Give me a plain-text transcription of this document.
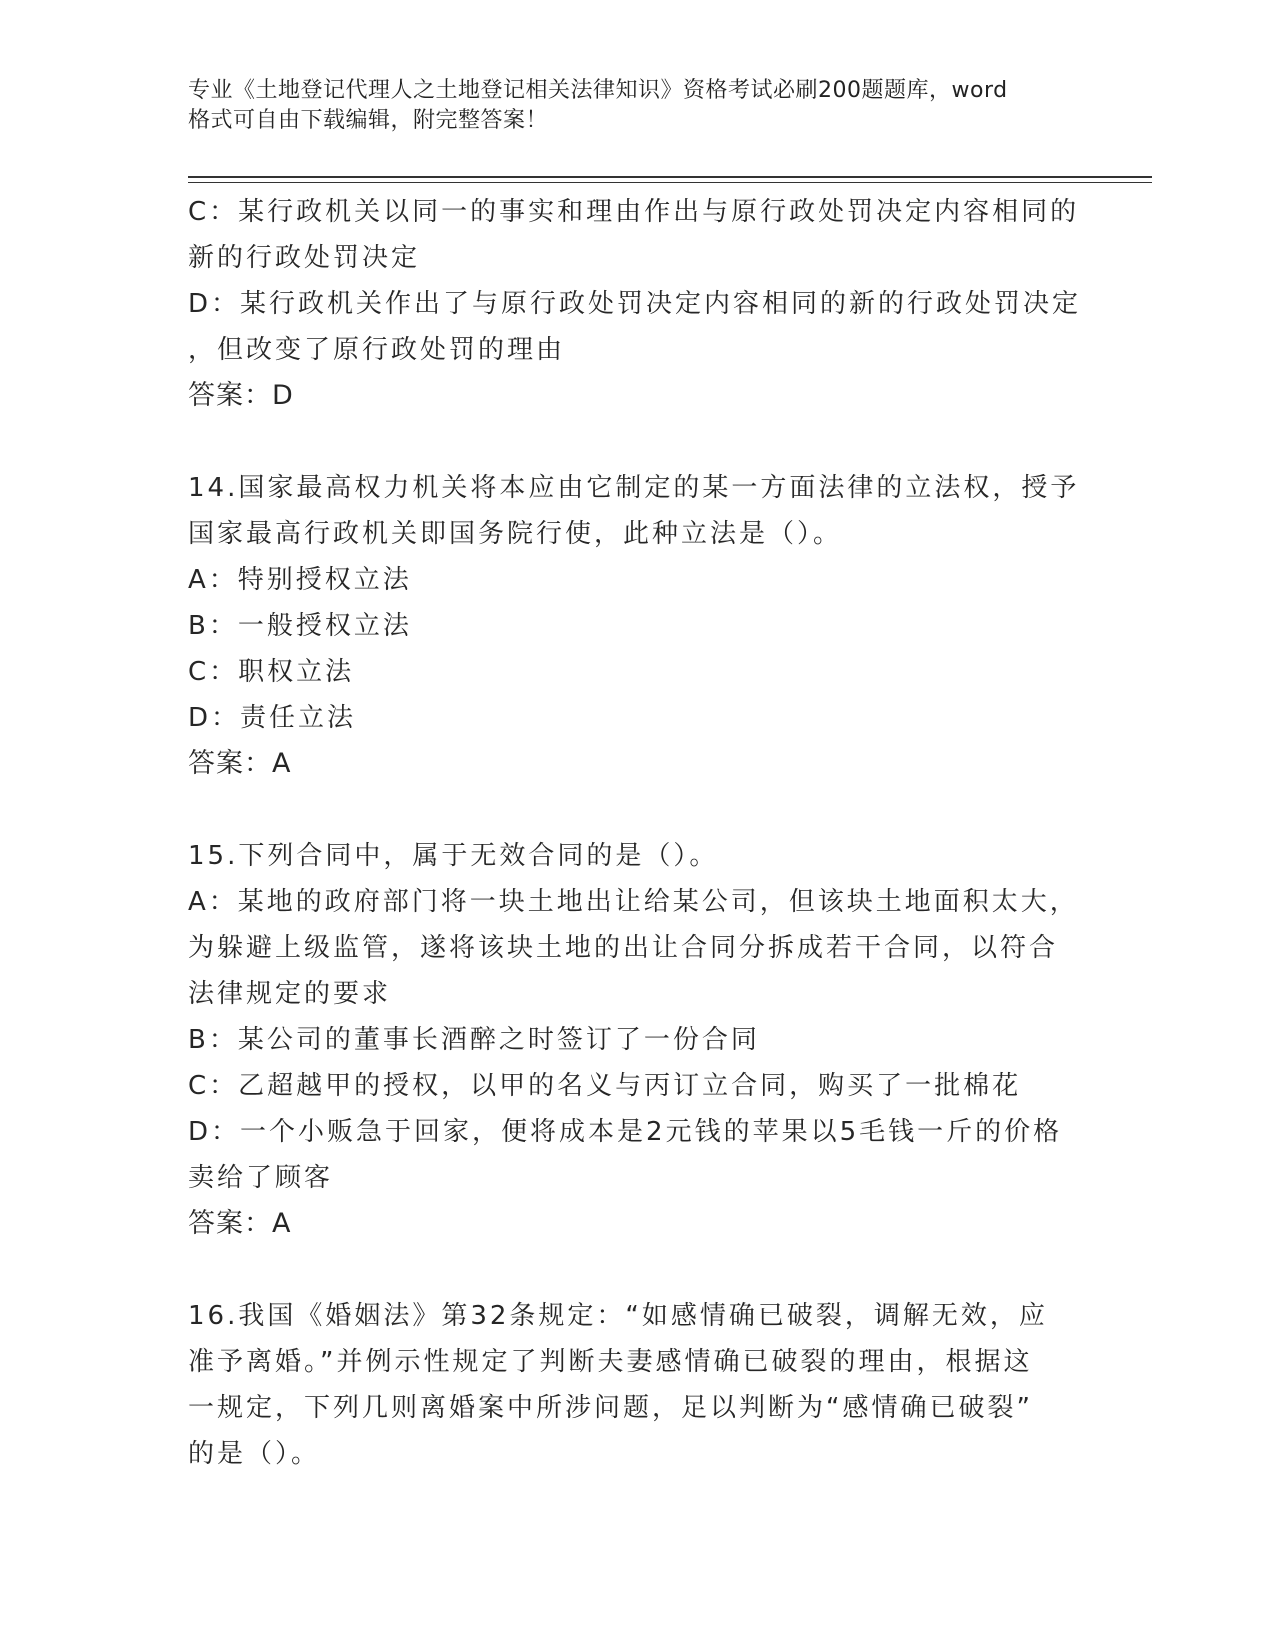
专业《土地登记代理人之土地登记相关法律知识》资格考试必刷200题题库，word
格式可自由下载编辑，附完整答案！
C：某行政机关以同一的事实和理由作出与原行政处罚决定内容相同的
新的行政处罚决定
D：某行政机关作出了与原行政处罚决定内容相同的新的行政处罚决定
，但改变了原行政处罚的理由
答案：D
14.国家最高权力机关将本应由它制定的某一方面法律的立法权，授予
国家最高行政机关即国务院行使，此种立法是（）。
A：特别授权立法
B：一般授权立法
C：职权立法
D：责任立法
答案：A
15.下列合同中，属于无效合同的是（）。
A：某地的政府部门将一块土地出让给某公司，但该块土地面积太大，
为躲避上级监管，遂将该块土地的出让合同分拆成若干合同，以符合
法律规定的要求
B：某公司的董事长酒醉之时签订了一份合同
C：乙超越甲的授权，以甲的名义与丙订立合同，购买了一批棉花
D：一个小贩急于回家，便将成本是2元钱的苹果以5毛钱一斤的价格
卖给了顾客
答案：A
16.我国《婚姻法》第32条规定：“如感情确已破裂，调解无效，应
准予离婚。”并例示性规定了判断夫妻感情确已破裂的理由，根据这
一规定，下列几则离婚案中所涉问题，足以判断为“感情确已破裂”
的是（）。
